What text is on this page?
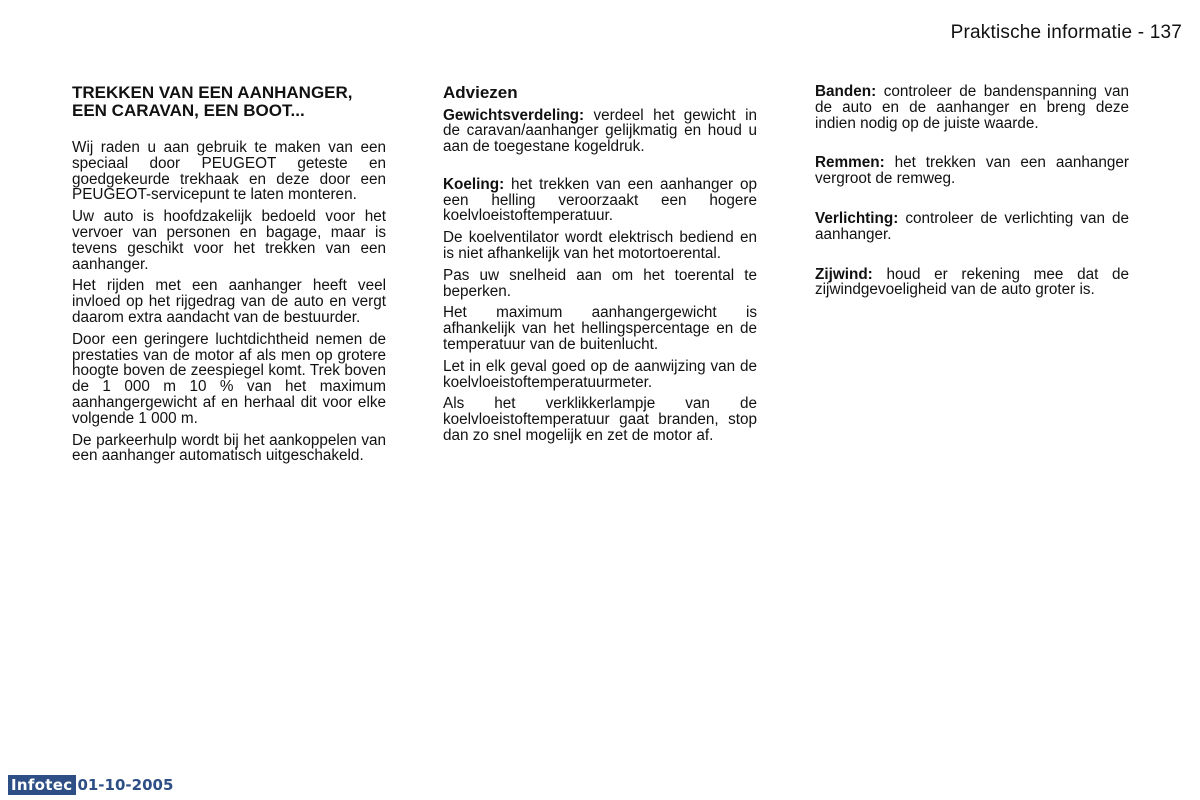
Praktische informatie - 137
TREKKEN VAN EEN AANHANGER, EEN CARAVAN, EEN BOOT...

Wij raden u aan gebruik te maken van een speciaal door PEUGEOT geteste en goedgekeurde trekhaak en deze door een PEUGEOT-servicepunt te laten monteren.

Uw auto is hoofdzakelijk bedoeld voor het vervoer van personen en bagage, maar is tevens geschikt voor het trekken van een aanhanger.

Het rijden met een aanhanger heeft veel invloed op het rijgedrag van de auto en vergt daarom extra aandacht van de bestuurder.

Door een geringere luchtdichtheid nemen de prestaties van de motor af als men op grotere hoogte boven de zeespiegel komt. Trek boven de 1 000 m 10 % van het maximum aanhangergewicht af en herhaal dit voor elke volgende 1 000 m.

De parkeerhulp wordt bij het aankoppelen van een aanhanger automatisch uitgeschakeld.

Adviezen

Gewichtsverdeling: verdeel het gewicht in de caravan/aanhanger gelijkmatig en houd u aan de toegestane kogeldruk.

Koeling: het trekken van een aanhanger op een helling veroorzaakt een hogere koelvloeistoftemperatuur.

De koelventilator wordt elektrisch bediend en is niet afhankelijk van het motortoerental.

Pas uw snelheid aan om het toerental te beperken.

Het maximum aanhangergewicht is afhankelijk van het hellingspercentage en de temperatuur van de buitenlucht.

Let in elk geval goed op de aanwijzing van de koelvloeistoftemperatuurmeter.

Als het verklikkerlampje van de koelvloeistoftemperatuur gaat branden, stop dan zo snel mogelijk en zet de motor af.

Banden: controleer de bandenspanning van de auto en de aanhanger en breng deze indien nodig op de juiste waarde.

Remmen: het trekken van een aanhanger vergroot de remweg.

Verlichting: controleer de verlichting van de aanhanger.

Zijwind: houd er rekening mee dat de zijwindgevoeligheid van de auto groter is.

Infotec 01-10-2005
